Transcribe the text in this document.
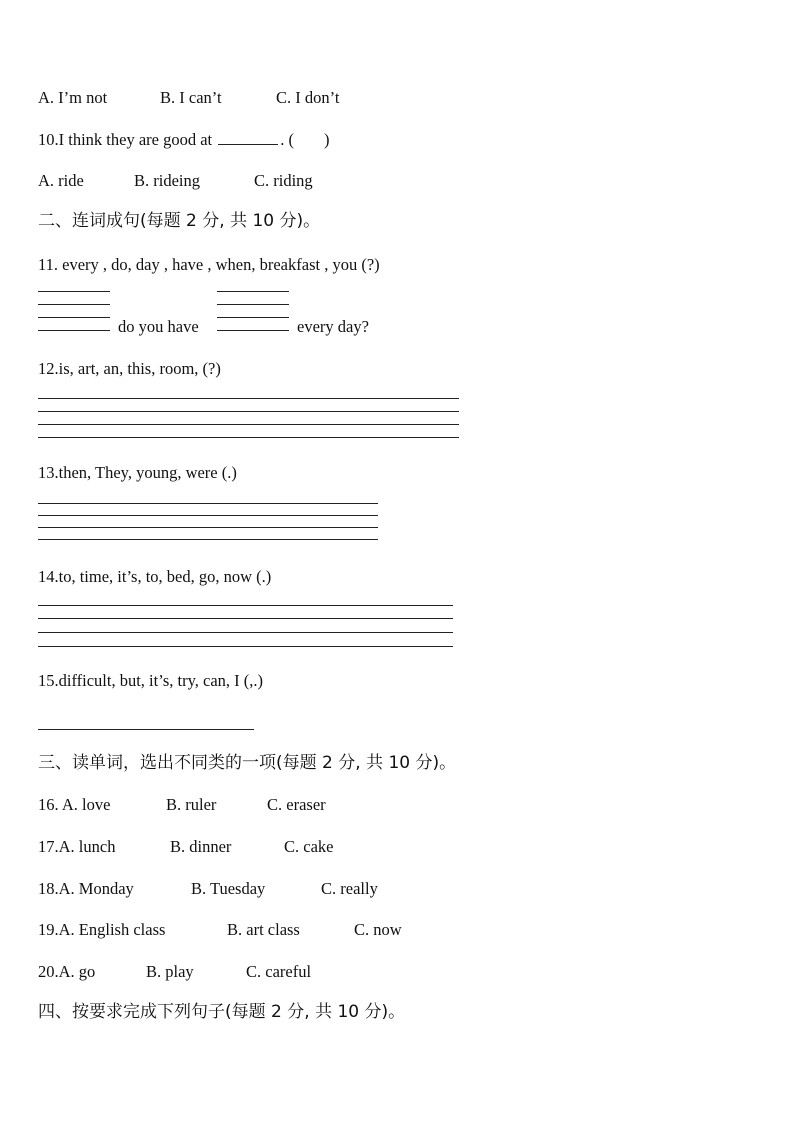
A. I’m not	B. I can’t	C. I don’t
10.I think they are good at	. ( )
A. ride	B. rideing	C. riding
二、连词成句(每题 2 分, 共 10 分)。
11. every , do, day , have , when, breakfast , you (?)
do you have	every day?
12.is, art, an, this, room, (?)
13.then, They, young, were (.)
14.to, time, it’s, to, bed, go, now (.)
15.difficult, but, it’s, try, can, I (,.)
三、读单词，选出不同类的一项(每题 2 分, 共 10 分)。
16. A. love	B. ruler	C. eraser
17.A. lunch	B. dinner	C. cake
18.A. Monday	B. Tuesday	C. really
19.A. English class	B. art class	C. now
20.A. go	B. play	C. careful
四、按要求完成下列句子(每题 2 分, 共 10 分)。
